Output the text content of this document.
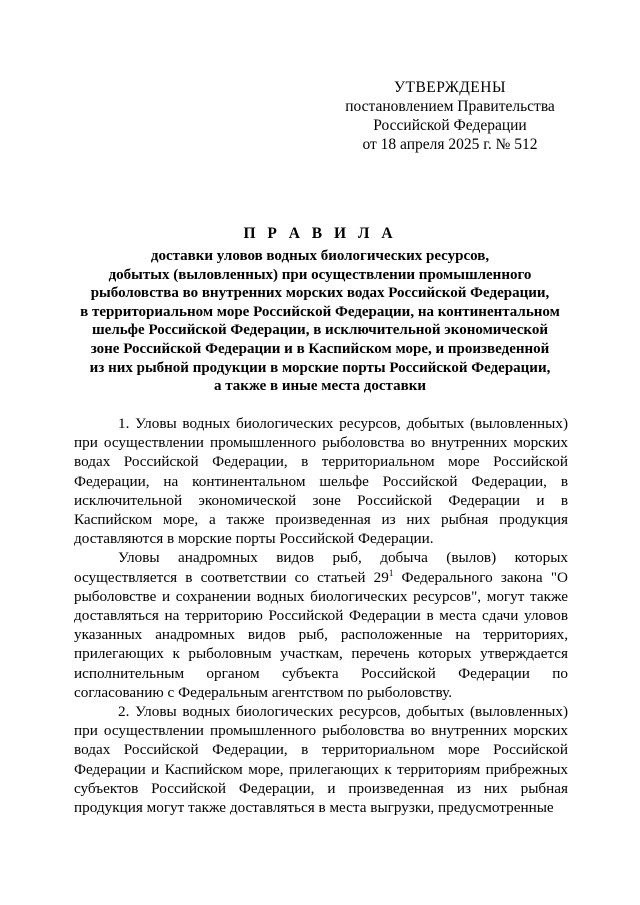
УТВЕРЖДЕНЫ
постановлением Правительства
Российской Федерации
от 18 апреля 2025 г. № 512
П Р А В И Л А
доставки уловов водных биологических ресурсов,
добытых (выловленных) при осуществлении промышленного
рыболовства во внутренних морских водах Российской Федерации,
в территориальном море Российской Федерации, на континентальном
шельфе Российской Федерации, в исключительной экономической
зоне Российской Федерации и в Каспийском море, и произведенной
из них рыбной продукции в морские порты Российской Федерации,
а также в иные места доставки

1. Уловы водных биологических ресурсов, добытых (выловленных) при осуществлении промышленного рыболовства во внутренних морских водах Российской Федерации, в территориальном море Российской Федерации, на континентальном шельфе Российской Федерации, в исключительной экономической зоне Российской Федерации и в Каспийском море, а также произведенная из них рыбная продукция доставляются в морские порты Российской Федерации.

Уловы анадромных видов рыб, добыча (вылов) которых осуществляется в соответствии со статьей $29^1$ Федерального закона "О рыболовстве и сохранении водных биологических ресурсов", могут также доставляться на территорию Российской Федерации в места сдачи уловов указанных анадромных видов рыб, расположенные на территориях, прилегающих к рыболовным участкам, перечень которых утверждается исполнительным органом субъекта Российской Федерации по согласованию с Федеральным агентством по рыболовству.

2. Уловы водных биологических ресурсов, добытых (выловленных) при осуществлении промышленного рыболовства во внутренних морских водах Российской Федерации, в территориальном море Российской Федерации и Каспийском море, прилегающих к территориям прибрежных субъектов Российской Федерации, и произведенная из них рыбная продукция могут также доставляться в места выгрузки, предусмотренные
